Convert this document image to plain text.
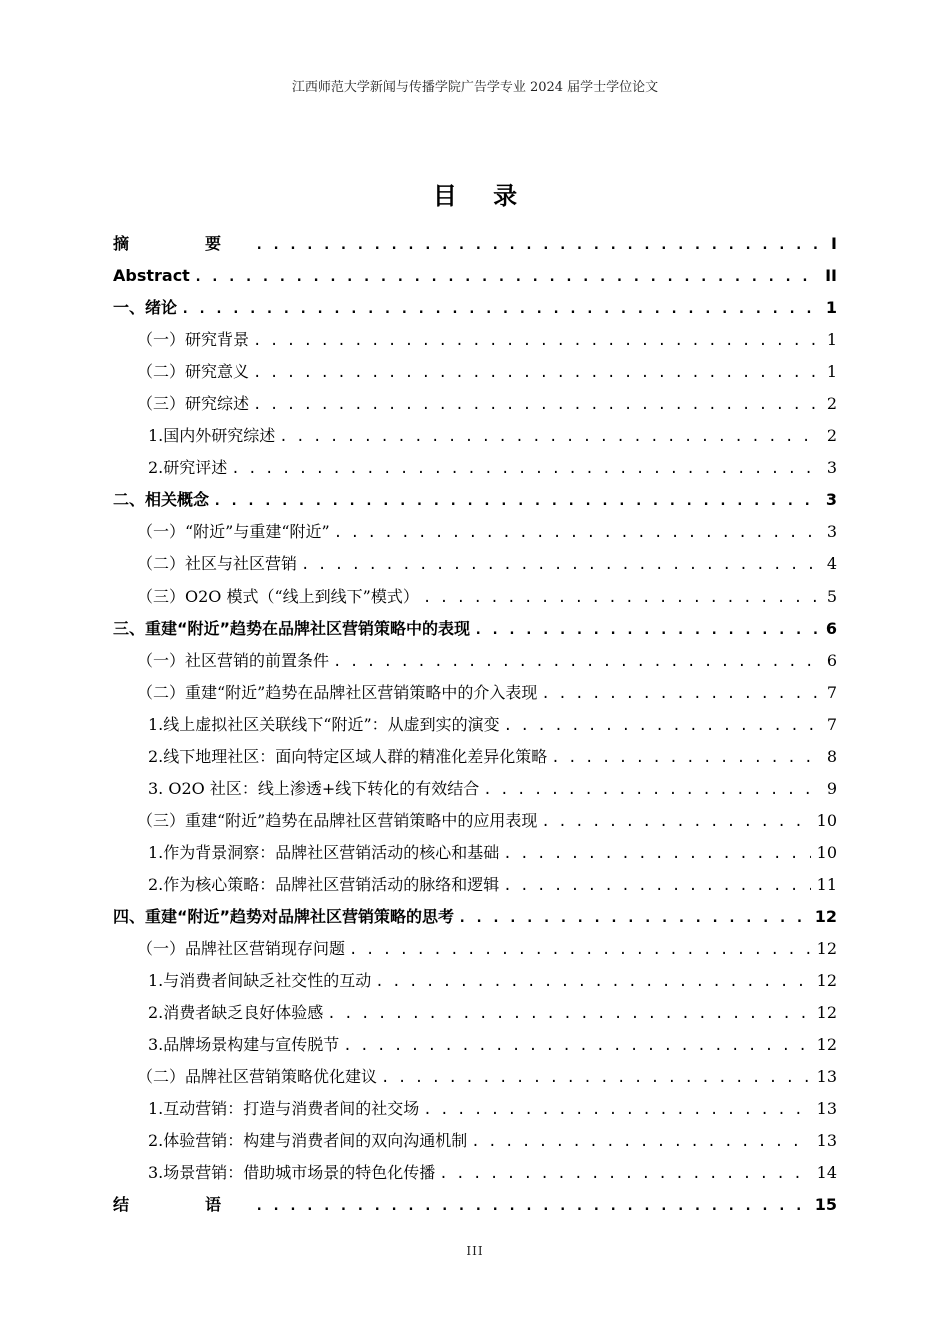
江西师范大学新闻与传播学院广告学专业 2024 届学士学位论文
目 录
摘　要 . . .	I
Abstract . . .	II
一、绪论 . . .	1
（一）研究背景 . . .	1
（二）研究意义 . . .	1
（三）研究综述 . . .	2
1.国内外研究综述 . . .	2
2.研究评述 . . .	3
二、相关概念 . . .	3
（一）“附近”与重建“附近” . . .	3
（二）社区与社区营销 . . .	4
（三）O2O 模式（“线上到线下”模式） . . .	5
三、重建“附近”趋势在品牌社区营销策略中的表现 . . .	6
（一）社区营销的前置条件 . . .	6
（二）重建“附近”趋势在品牌社区营销策略中的介入表现 . . .	7
1.线上虚拟社区关联线下“附近”：从虚到实的演变 . . .	7
2.线下地理社区：面向特定区域人群的精准化差异化策略 . . .	8
3. O2O 社区：线上渗透+线下转化的有效结合 . . .	9
（三）重建“附近”趋势在品牌社区营销策略中的应用表现 . . .	10
1.作为背景洞察：品牌社区营销活动的核心和基础 . . .	10
2.作为核心策略：品牌社区营销活动的脉络和逻辑 . . .	11
四、重建“附近”趋势对品牌社区营销策略的思考 . . .	12
（一）品牌社区营销现存问题 . . .	12
1.与消费者间缺乏社交性的互动 . . .	12
2.消费者缺乏良好体验感 . . .	12
3.品牌场景构建与宣传脱节 . . .	12
（二）品牌社区营销策略优化建议 . . .	13
1.互动营销：打造与消费者间的社交场 . . .	13
2.体验营销：构建与消费者间的双向沟通机制 . . .	13
3.场景营销：借助城市场景的特色化传播 . . .	14
结　语 . . .	15
III
